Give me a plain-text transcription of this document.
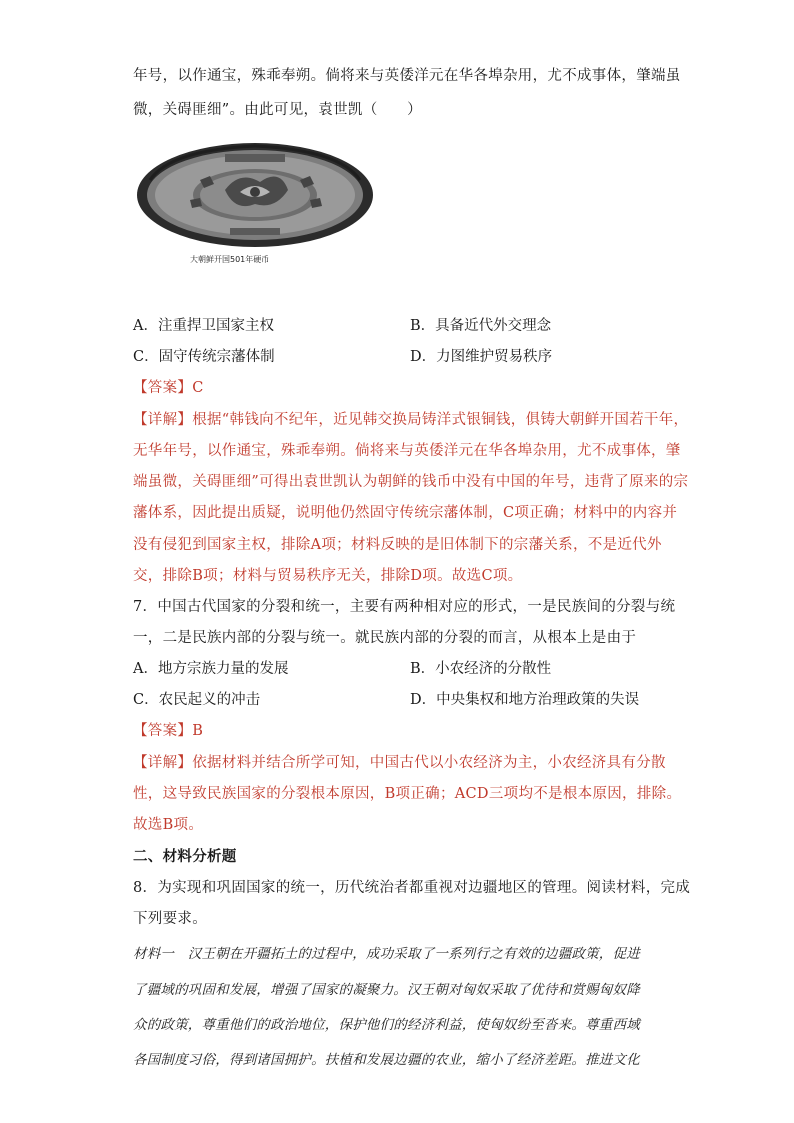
年号，以作通宝，殊乖奉朔。倘将来与英倭洋元在华各埠杂用，尤不成事体，肇端虽
微，关碍匪细”。由此可见，袁世凯（　　）
大朝鲜开国501年硬币
A．注重捍卫国家主权	B．具备近代外交理念
C．固守传统宗藩体制	D．力图维护贸易秩序
【答案】C
【详解】根据“韩钱向不纪年，近见韩交换局铸洋式银铜钱，俱铸大朝鲜开国若干年，
无华年号，以作通宝，殊乖奉朔。倘将来与英倭洋元在华各埠杂用，尤不成事体，肇
端虽微，关碍匪细”可得出袁世凯认为朝鲜的钱币中没有中国的年号，违背了原来的宗
藩体系，因此提出质疑，说明他仍然固守传统宗藩体制，C项正确；材料中的内容并
没有侵犯到国家主权，排除A项；材料反映的是旧体制下的宗藩关系，不是近代外
交，排除B项；材料与贸易秩序无关，排除D项。故选C项。
7．中国古代国家的分裂和统一，主要有两种相对应的形式，一是民族间的分裂与统
一，二是民族内部的分裂与统一。就民族内部的分裂的而言，从根本上是由于
A．地方宗族力量的发展	B．小农经济的分散性
C．农民起义的冲击	D．中央集权和地方治理政策的失误
【答案】B
【详解】依据材料并结合所学可知，中国古代以小农经济为主，小农经济具有分散
性，这导致民族国家的分裂根本原因，B项正确；ACD三项均不是根本原因，排除。
故选B项。
二、材料分析题
8．为实现和巩固国家的统一，历代统治者都重视对边疆地区的管理。阅读材料，完成
下列要求。
材料一　汉王朝在开疆拓土的过程中，成功采取了一系列行之有效的边疆政策，促进
了疆域的巩固和发展，增强了国家的凝聚力。汉王朝对匈奴采取了优待和赏赐匈奴降
众的政策，尊重他们的政治地位，保护他们的经济利益，使匈奴纷至沓来。尊重西域
各国制度习俗，得到诸国拥护。扶植和发展边疆的农业，缩小了经济差距。推进文化
